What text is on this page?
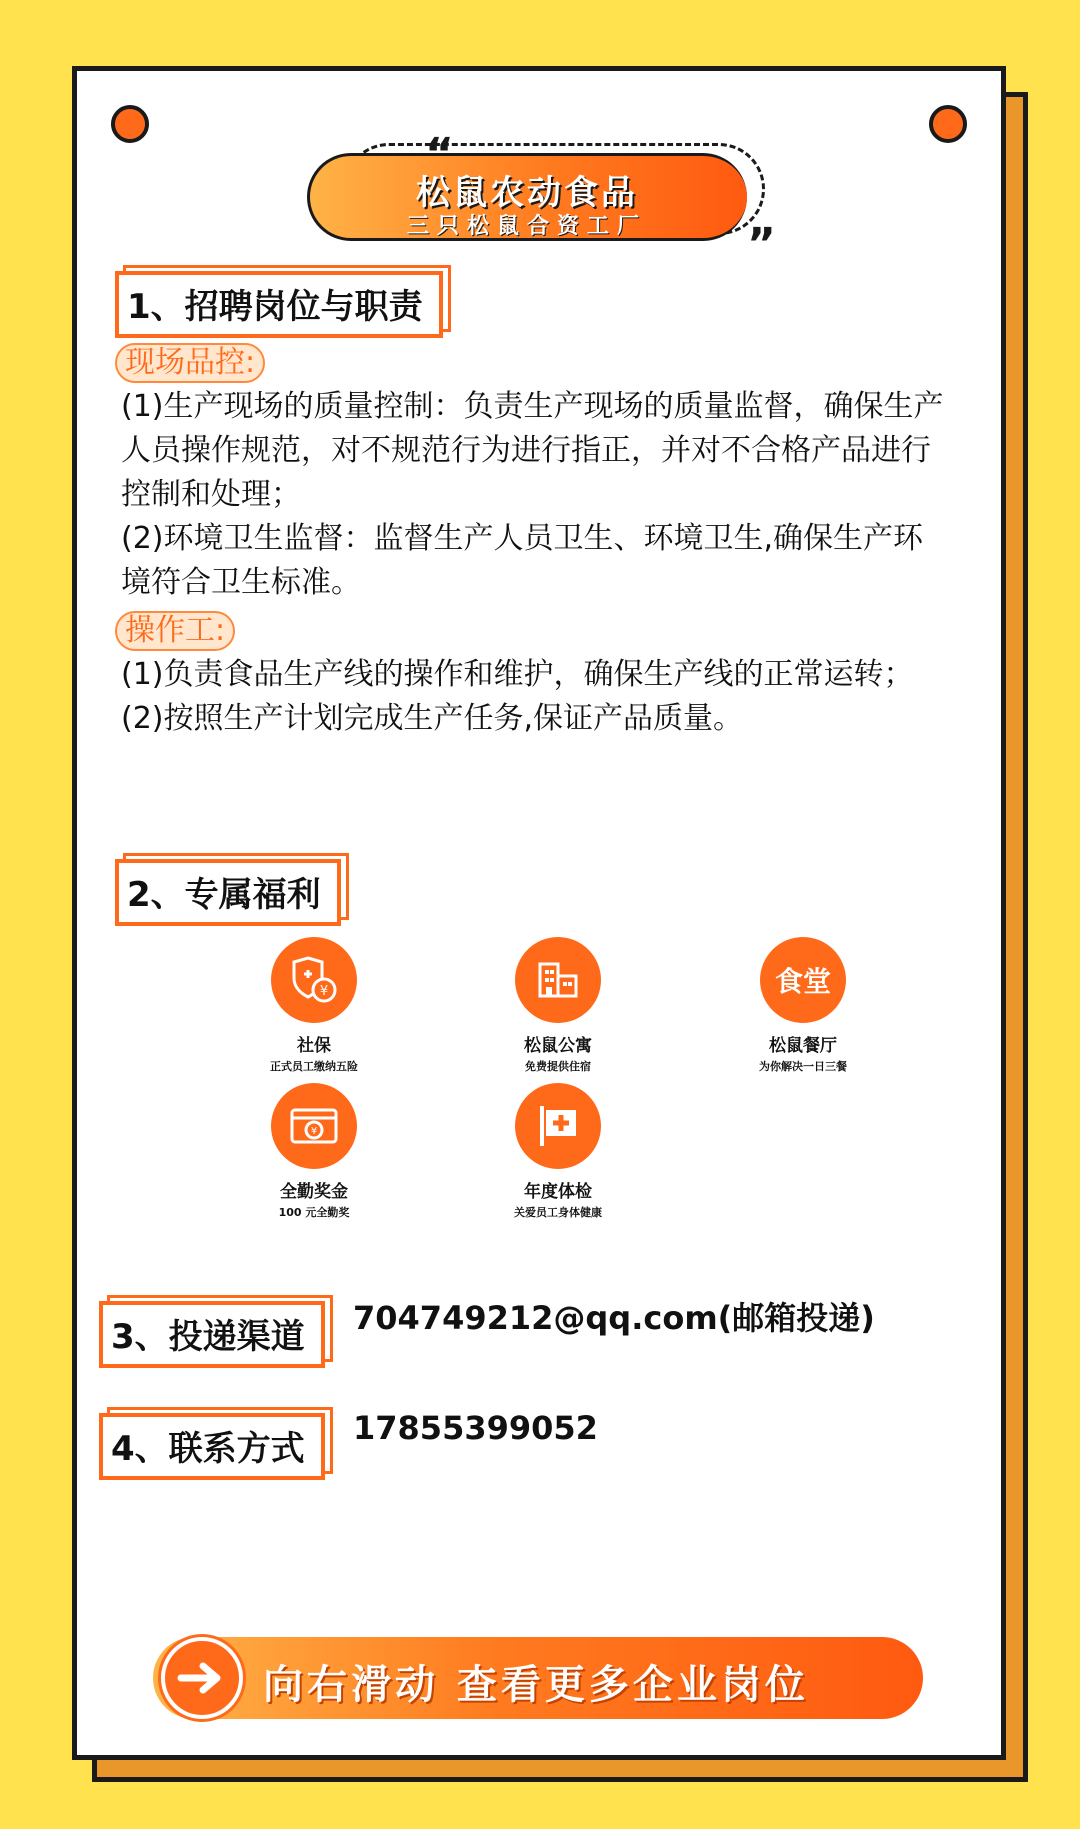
松鼠农动食品
三只松鼠合资工厂
“
”
1、招聘岗位与职责
现场品控:
(1)生产现场的质量控制：负责生产现场的质量监督，确保生产人员操作规范，对不规范行为进行指正，并对不合格产品进行控制和处理；
(2)环境卫生监督：监督生产人员卫生、环境卫生,确保生产环境符合卫生标准。
操作工:
(1)负责食品生产线的操作和维护，确保生产线的正常运转；
(2)按照生产计划完成生产任务,保证产品质量。
2、专属福利
¥
社保
正式员工缴纳五险
松鼠公寓
免费提供住宿
食堂
松鼠餐厅
为你解决一日三餐
¥
全勤奖金
100 元全勤奖
年度体检
关爱员工身体健康
3、投递渠道	704749212@qq.com(邮箱投递)
4、联系方式
17855399052
向右滑动 查看更多企业岗位
